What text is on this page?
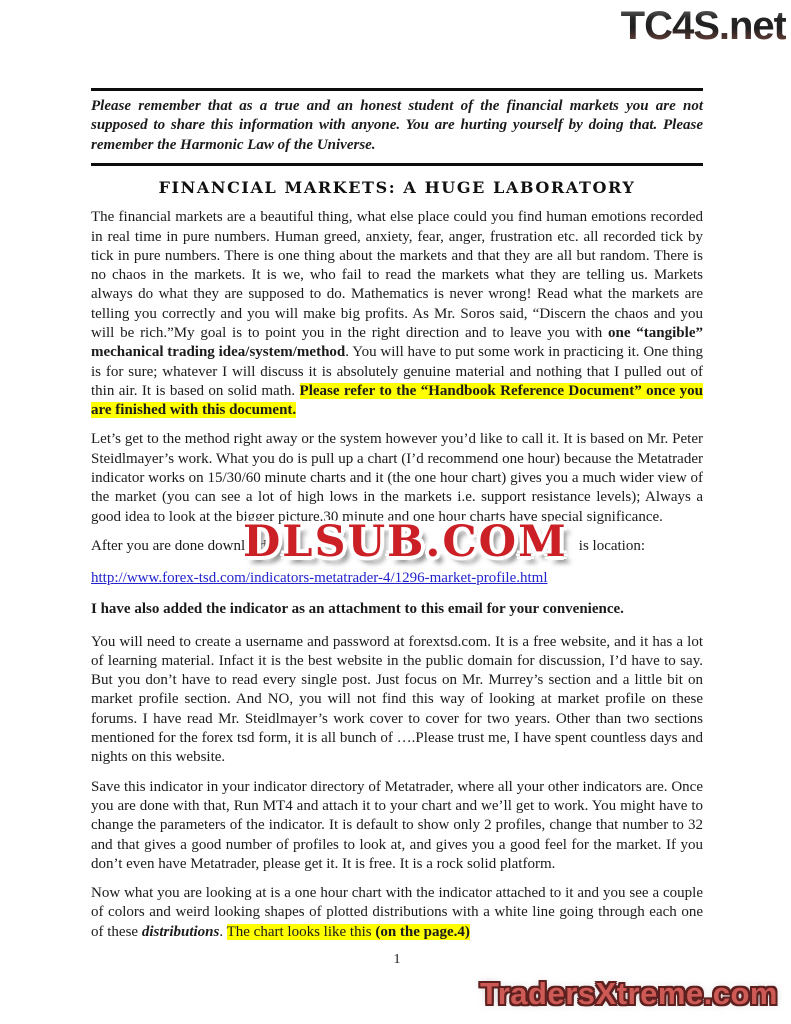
TC4S.net
Please remember that as a true and an honest student of the financial markets you are not supposed to share this information with anyone. You are hurting yourself by doing that. Please remember the Harmonic Law of the Universe.
FINANCIAL MARKETS: A HUGE LABORATORY

The financial markets are a beautiful thing, what else place could you find human emotions recorded in real time in pure numbers. Human greed, anxiety, fear, anger, frustration etc. all recorded tick by tick in pure numbers. There is one thing about the markets and that they are all but random. There is no chaos in the markets. It is we, who fail to read the markets what they are telling us. Markets always do what they are supposed to do. Mathematics is never wrong! Read what the markets are telling you correctly and you will make big profits. As Mr. Soros said, “Discern the chaos and you will be rich.”My goal is to point you in the right direction and to leave you with one “tangible” mechanical trading idea/system/method. You will have to put some work in practicing it. One thing is for sure; whatever I will discuss it is absolutely genuine material and nothing that I pulled out of thin air. It is based on solid math. Please refer to the “Handbook Reference Document” once you are finished with this document.

Let’s get to the method right away or the system however you’d like to call it. It is based on Mr. Peter Steidlmayer’s work. What you do is pull up a chart (I’d recommend one hour) because the Metatrader indicator works on 15/30/60 minute charts and it (the one hour chart) gives you a much wider view of the market (you can see a lot of high lows in the markets i.e. support resistance levels); Always a good idea to look at the bigger picture.30 minute and one hour charts have special significance.

After you are done download	is location:

DLSUB.COM

http://www.forex-tsd.com/indicators-metatrader-4/1296-market-profile.html

I have also added the indicator as an attachment to this email for your convenience.

You will need to create a username and password at forextsd.com. It is a free website, and it has a lot of learning material. Infact it is the best website in the public domain for discussion, I’d have to say. But you don’t have to read every single post. Just focus on Mr. Murrey’s section and a little bit on market profile section. And NO, you will not find this way of looking at market profile on these forums. I have read Mr. Steidlmayer’s work cover to cover for two years. Other than two sections mentioned for the forex tsd form, it is all bunch of ….Please trust me, I have spent countless days and nights on this website.

Save this indicator in your indicator directory of Metatrader, where all your other indicators are. Once you are done with that, Run MT4 and attach it to your chart and we’ll get to work. You might have to change the parameters of the indicator. It is default to show only 2 profiles, change that number to 32 and that gives a good number of profiles to look at, and gives you a good feel for the market. If you don’t even have Metatrader, please get it. It is free. It is a rock solid platform.

Now what you are looking at is a one hour chart with the indicator attached to it and you see a couple of colors and weird looking shapes of plotted distributions with a white line going through each one of these distributions. The chart looks like this (on the page.4)

1
TradersXtreme.com
